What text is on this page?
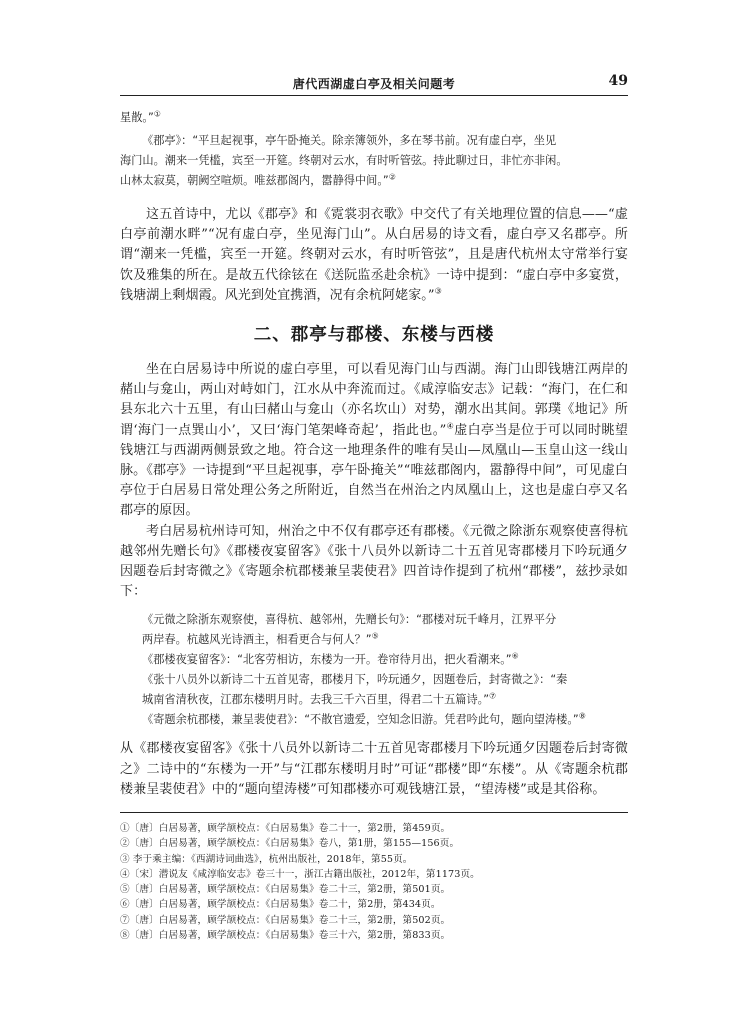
唐代西湖虚白亭及相关问题考	49

星散。”①

《郡亭》：“平旦起视事，亭午卧掩关。除亲簿领外，多在琴书前。况有虚白亭，坐见

海门山。潮来一凭槛，宾至一开筵。终朝对云水，有时听管弦。持此聊过日，非忙亦非闲。

山林太寂莫，朝阙空喧烦。唯兹郡阁内，嚣静得中间。”②

这五首诗中，尤以《郡亭》和《霓裳羽衣歌》中交代了有关地理位置的信息——“虚白亭前潮水畔”“况有虚白亭，坐见海门山”。从白居易的诗文看，虚白亭又名郡亭。所谓“潮来一凭槛，宾至一开筵。终朝对云水，有时听管弦”，且是唐代杭州太守常举行宴饮及雅集的所在。是故五代徐铉在《送阮监丞赴余杭》一诗中提到：“虚白亭中多宴赏，钱塘湖上剩烟霞。风光到处宜携酒，况有余杭阿姥家。”③

二、郡亭与郡楼、东楼与西楼

坐在白居易诗中所说的虚白亭里，可以看见海门山与西湖。海门山即钱塘江两岸的赭山与龛山，两山对峙如门，江水从中奔流而过。《咸淳临安志》记载：“海门，在仁和县东北六十五里，有山曰赭山与龛山（亦名坎山）对势，潮水出其间。郭璞《地记》所谓‘海门一点巽山小’，又曰‘海门笔架峰奇起’，指此也。”④虚白亭当是位于可以同时眺望钱塘江与西湖两侧景致之地。符合这一地理条件的唯有吴山—凤凰山—玉皇山这一线山脉。《郡亭》一诗提到“平旦起视事，亭午卧掩关”“唯兹郡阁内，嚣静得中间”，可见虚白亭位于白居易日常处理公务之所附近，自然当在州治之内凤凰山上，这也是虚白亭又名郡亭的原因。

考白居易杭州诗可知，州治之中不仅有郡亭还有郡楼。《元微之除浙东观察使喜得杭越邻州先赠长句》《郡楼夜宴留客》《张十八员外以新诗二十五首见寄郡楼月下吟玩通夕因题卷后封寄微之》《寄题余杭郡楼兼呈裴使君》四首诗作提到了杭州“郡楼”，兹抄录如下：

《元微之除浙东观察使，喜得杭、越邻州，先赠长句》：“郡楼对玩千峰月，江界平分

两岸春。杭越风光诗酒主，相看更合与何人？”⑤

《郡楼夜宴留客》：“北客劳相访，东楼为一开。卷帘待月出，把火看潮来。”⑥

《张十八员外以新诗二十五首见寄，郡楼月下，吟玩通夕，因题卷后，封寄微之》：“秦

城南省清秋夜，江郡东楼明月时。去我三千六百里，得君二十五篇诗。”⑦

《寄题余杭郡楼，兼呈裴使君》：“不散官遗爱，空知念旧游。凭君吟此句，题向望涛楼。”⑧

从《郡楼夜宴留客》《张十八员外以新诗二十五首见寄郡楼月下吟玩通夕因题卷后封寄微之》二诗中的“东楼为一开”与“江郡东楼明月时”可证“郡楼”即“东楼”。从《寄题余杭郡楼兼呈裴使君》中的“题向望涛楼”可知郡楼亦可观钱塘江景，“望涛楼”或是其俗称。

①〔唐〕白居易著，顾学颉校点：《白居易集》卷二十一，第2册，第459页。

②〔唐〕白居易著，顾学颉校点：《白居易集》卷八，第1册，第155—156页。

③ 李于乘主编：《西湖诗词曲选》，杭州出版社，2018年，第55页。

④〔宋〕潜说友《咸淳临安志》卷三十一，浙江古籍出版社，2012年，第1173页。

⑤〔唐〕白居易著，顾学颉校点：《白居易集》卷二十三，第2册，第501页。

⑥〔唐〕白居易著，顾学颉校点：《白居易集》卷二十，第2册，第434页。

⑦〔唐〕白居易著，顾学颉校点：《白居易集》卷二十三，第2册，第502页。

⑧〔唐〕白居易著，顾学颉校点：《白居易集》卷三十六，第2册，第833页。
